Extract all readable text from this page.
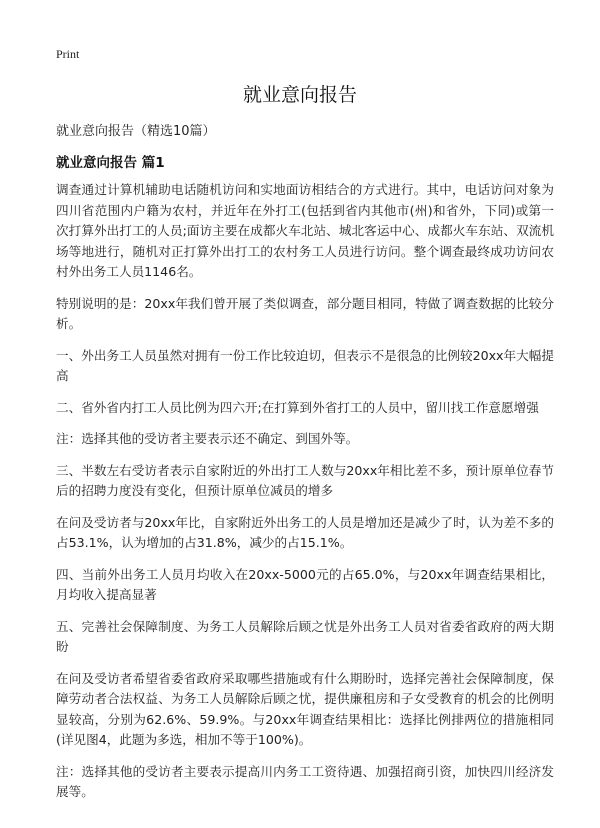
Print
就业意向报告
就业意向报告（精选10篇）
就业意向报告 篇1

调查通过计算机辅助电话随机访问和实地面访相结合的方式进行。其中，电话访问对象为四川省范围内户籍为农村，并近年在外打工(包括到省内其他市(州)和省外，下同)或第一次打算外出打工的人员;面访主要在成都火车北站、城北客运中心、成都火车东站、双流机场等地进行，随机对正打算外出打工的农村务工人员进行访问。整个调查最终成功访问农村外出务工人员1146名。

特别说明的是：20xx年我们曾开展了类似调查，部分题目相同，特做了调查数据的比较分析。

一、外出务工人员虽然对拥有一份工作比较迫切，但表示不是很急的比例较20xx年大幅提高

二、省外省内打工人员比例为四六开;在打算到外省打工的人员中，留川找工作意愿增强

注：选择其他的受访者主要表示还不确定、到国外等。

三、半数左右受访者表示自家附近的外出打工人数与20xx年相比差不多，预计原单位春节后的招聘力度没有变化，但预计原单位减员的增多

在问及受访者与20xx年比，自家附近外出务工的人员是增加还是减少了时，认为差不多的占53.1%，认为增加的占31.8%，减少的占15.1%。

四、当前外出务工人员月均收入在20xx-5000元的占65.0%，与20xx年调查结果相比，月均收入提高显著

五、完善社会保障制度、为务工人员解除后顾之忧是外出务工人员对省委省政府的两大期盼

在问及受访者希望省委省政府采取哪些措施或有什么期盼时，选择完善社会保障制度，保障劳动者合法权益、为务工人员解除后顾之忧，提供廉租房和子女受教育的机会的比例明显较高，分别为62.6%、59.9%。与20xx年调查结果相比：选择比例排两位的措施相同(详见图4，此题为多选，相加不等于100%)。

注：选择其他的受访者主要表示提高川内务工工资待遇、加强招商引资，加快四川经济发展等。
